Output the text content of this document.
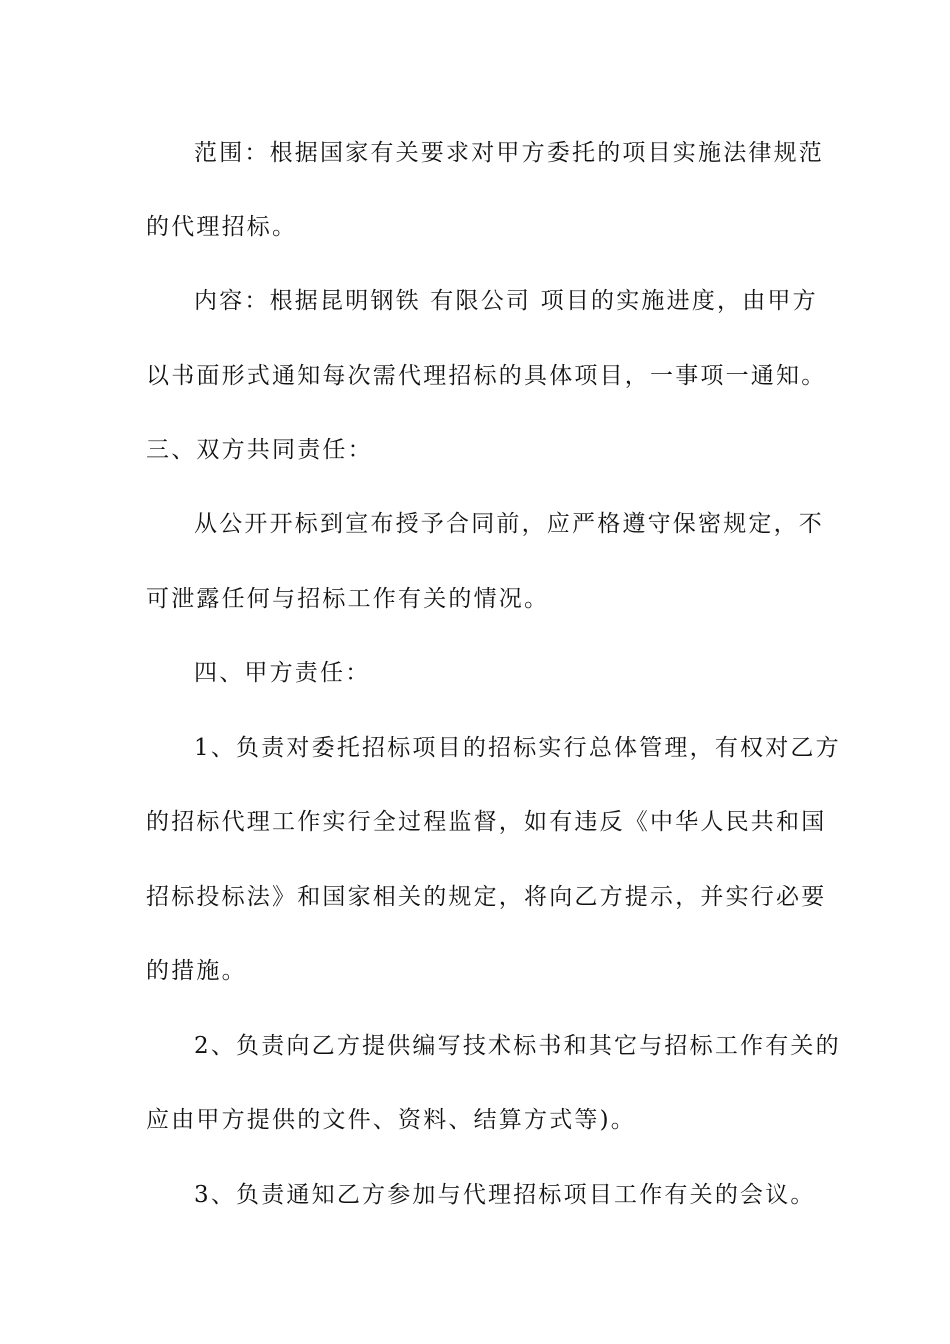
范围：根据国家有关要求对甲方委托的项目实施法律规范
的代理招标。
内容：根据昆明钢铁 有限公司 项目的实施进度，由甲方
以书面形式通知每次需代理招标的具体项目，一事项一通知。
三、双方共同责任：
从公开开标到宣布授予合同前，应严格遵守保密规定，不
可泄露任何与招标工作有关的情况。
四、甲方责任：
1、负责对委托招标项目的招标实行总体管理，有权对乙方
的招标代理工作实行全过程监督，如有违反《中华人民共和国
招标投标法》和国家相关的规定，将向乙方提示，并实行必要
的措施。
2、负责向乙方提供编写技术标书和其它与招标工作有关的
应由甲方提供的文件、资料、结算方式等)。
3、负责通知乙方参加与代理招标项目工作有关的会议。
